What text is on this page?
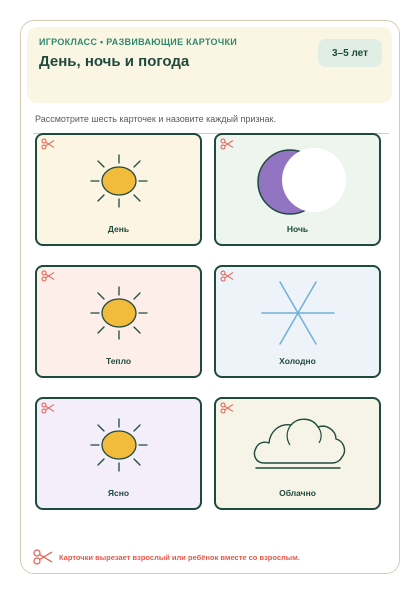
ИГРОКЛАСС • РАЗВИВАЮЩИЕ КАРТОЧКИ
День, ночь и погода	3–5 лет
Рассмотрите шесть карточек и назовите каждый признак.
День	Ночь
Тепло	Холодно
Ясно	Облачно
Карточки вырезает взрослый или ребёнок вместе со взрослым.
